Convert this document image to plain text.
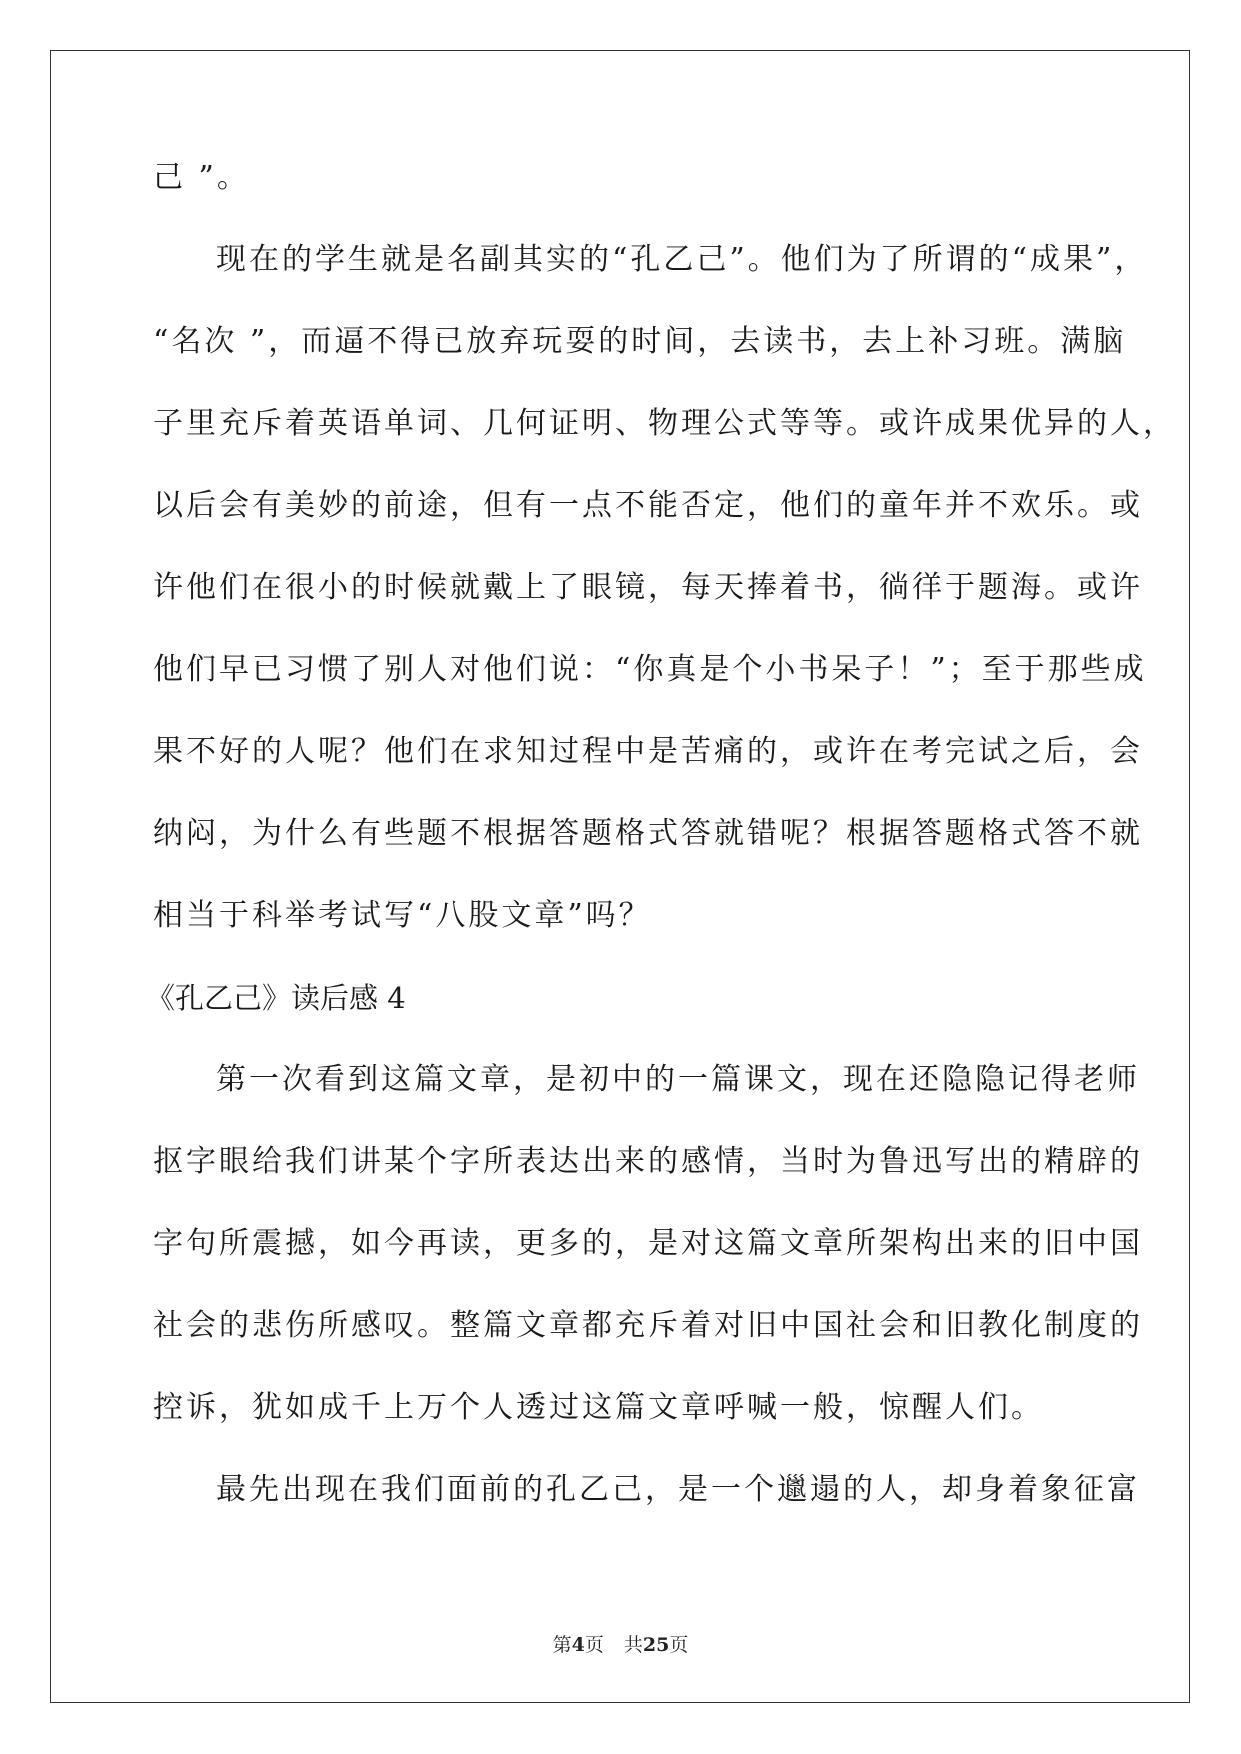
己 ”。
现在的学生就是名副其实的“孔乙己”。他们为了所谓的“成果”，
“名次 ”，而逼不得已放弃玩耍的时间，去读书，去上补习班。满脑
子里充斥着英语单词、几何证明、物理公式等等。或许成果优异的人，
以后会有美妙的前途，但有一点不能否定，他们的童年并不欢乐。或
许他们在很小的时候就戴上了眼镜，每天捧着书，徜徉于题海。或许
他们早已习惯了别人对他们说：“你真是个小书呆子！”；至于那些成
果不好的人呢？他们在求知过程中是苦痛的，或许在考完试之后，会
纳闷，为什么有些题不根据答题格式答就错呢？根据答题格式答不就
相当于科举考试写“八股文章”吗？
《孔乙己》读后感 4
第一次看到这篇文章，是初中的一篇课文，现在还隐隐记得老师
抠字眼给我们讲某个字所表达出来的感情，当时为鲁迅写出的精辟的
字句所震撼，如今再读，更多的，是对这篇文章所架构出来的旧中国
社会的悲伤所感叹。整篇文章都充斥着对旧中国社会和旧教化制度的
控诉，犹如成千上万个人透过这篇文章呼喊一般，惊醒人们。
最先出现在我们面前的孔乙己，是一个邋遢的人，却身着象征富
第4页 共25页
